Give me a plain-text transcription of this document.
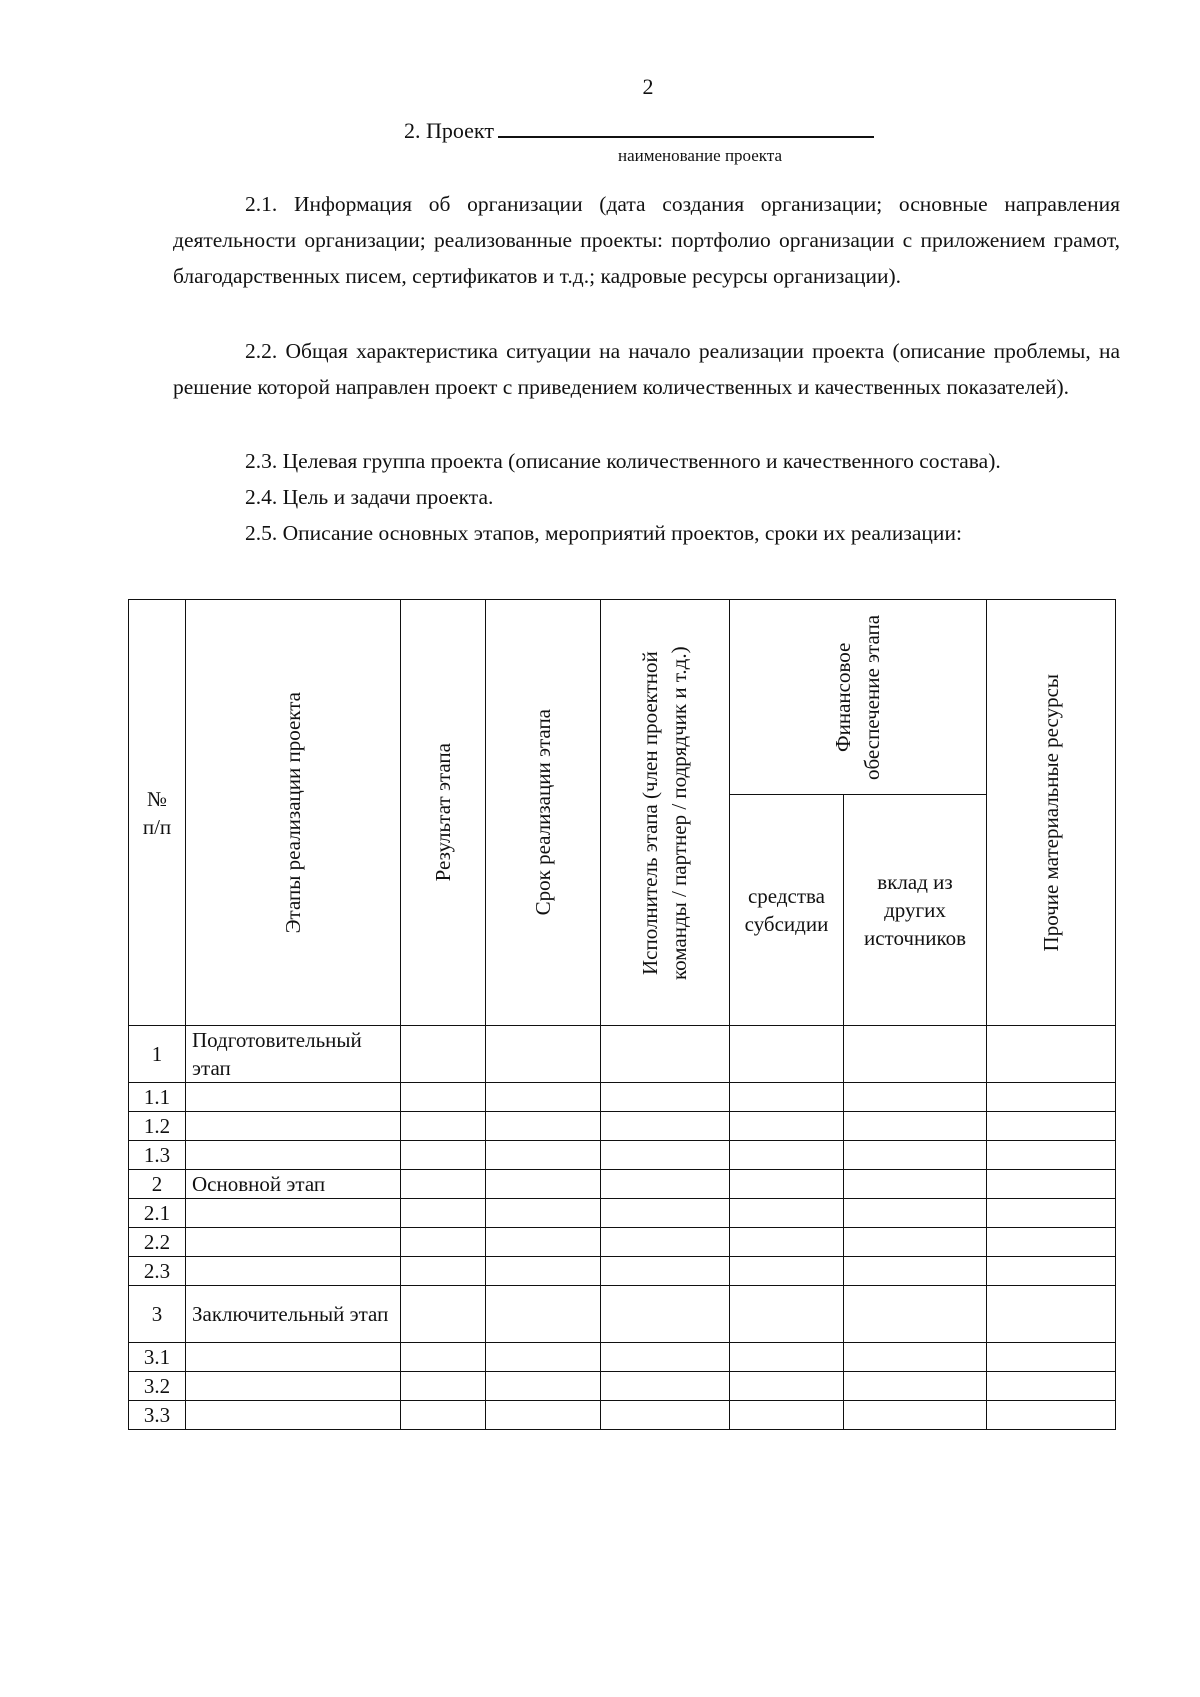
2
2. Проект
наименование проекта
2.1. Информация об организации (дата создания организации; основные направления деятельности организации; реализованные проекты: портфолио организации с приложением грамот, благодарственных писем, сертификатов и т.д.; кадровые ресурсы организации).
2.2. Общая характеристика ситуации на начало реализации проекта (описание проблемы, на решение которой направлен проект с приведением количественных и качественных показателей).
2.3. Целевая группа проекта (описание количественного и качественного состава).
2.4. Цель и задачи проекта.
2.5. Описание основных этапов, мероприятий проектов, сроки их реализации:
№ п/п	Этапы реализации проекта	Результат этапа	Срок реализации этапа	Исполнитель этапа (член проектной команды / партнер / подрядчик и т.д.)	Финансовое обеспечение этапа		Прочие материальные ресурсы

					средства субсидии	вклад из других источников	

1	Подготовительный этап						
1.1							
1.2							
1.3							
2	Основной этап						
2.1							
2.2							
2.3							
3	Заключительный этап						
3.1							
3.2							
3.3							
